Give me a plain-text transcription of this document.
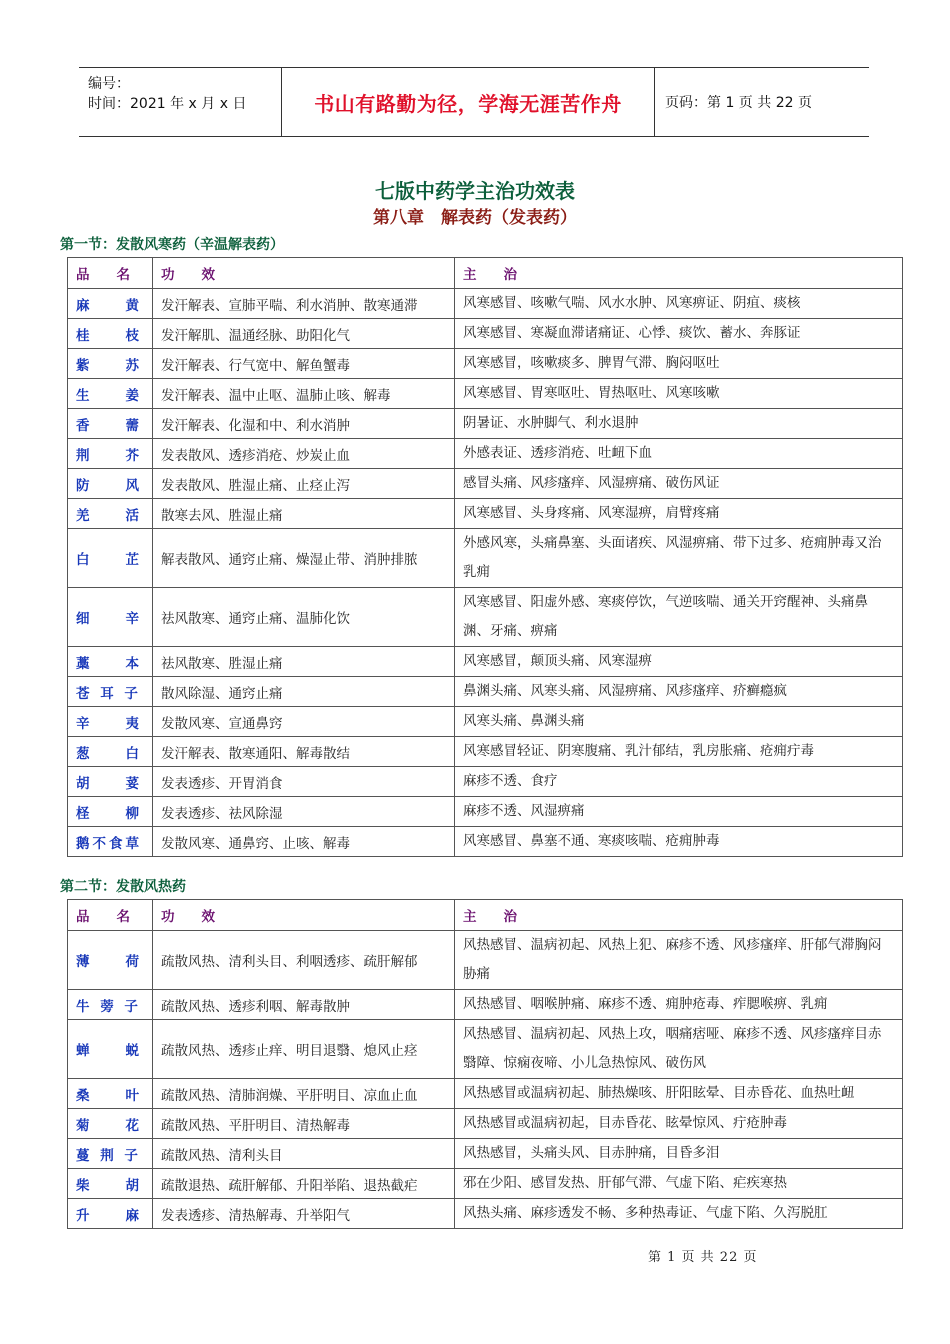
编号：
时间：2021 年 x 月 x 日	书山有路勤为径，学海无涯苦作舟	页码：第 1 页 共 22 页
七版中药学主治功效表
第八章　解表药（发表药）
第一节：发散风寒药（辛温解表药）
品　　名	功　　效	主　　治
麻　　黄	发汗解表、宣肺平喘、利水消肿、散寒通滞	风寒感冒、咳嗽气喘、风水水肿、风寒痹证、阴疽、痰核
桂　　枝	发汗解肌、温通经脉、助阳化气	风寒感冒、寒凝血滞诸痛证、心悸、痰饮、蓄水、奔豚证
紫　　苏	发汗解表、行气宽中、解鱼蟹毒	风寒感冒，咳嗽痰多、脾胃气滞、胸闷呕吐
生　　姜	发汗解表、温中止呕、温肺止咳、解毒	风寒感冒、胃寒呕吐、胃热呕吐、风寒咳嗽
香　　薷	发汗解表、化湿和中、利水消肿	阴暑证、水肿脚气、利水退肿
荆　　芥	发表散风、透疹消疮、炒炭止血	外感表证、透疹消疮、吐衄下血
防　　风	发表散风、胜湿止痛、止痉止泻	感冒头痛、风疹瘙痒、风湿痹痛、破伤风证
羌　　活	散寒去风、胜湿止痛	风寒感冒、头身疼痛、风寒湿痹，肩臂疼痛
白　　芷	解表散风、通窍止痛、燥湿止带、消肿排脓	外感风寒，头痛鼻塞、头面诸疾、风湿痹痛、带下过多、疮痈肿毒又治乳痈
细　　辛	祛风散寒、通窍止痛、温肺化饮	风寒感冒、阳虚外感、寒痰停饮，气逆咳喘、通关开窍醒神、头痛鼻渊、牙痛、痹痛
藁　　本	祛风散寒、胜湿止痛	风寒感冒，颠顶头痛、风寒湿痹
苍 耳 子	散风除湿、通窍止痛	鼻渊头痛、风寒头痛、风湿痹痛、风疹瘙痒、疥癣瘾疯
辛　　夷	发散风寒、宣通鼻窍	风寒头痛、鼻渊头痛
葱　　白	发汗解表、散寒通阳、解毒散结	风寒感冒轻证、阴寒腹痛、乳汁郁结，乳房胀痛、疮痈疔毒
胡　　荽	发表透疹、开胃消食	麻疹不透、食疗
柽　　柳	发表透疹、祛风除湿	麻疹不透、风湿痹痛
鹅不食草	发散风寒、通鼻窍、止咳、解毒	风寒感冒、鼻塞不通、寒痰咳喘、疮痈肿毒
第二节：发散风热药
品　　名	功　　效	主　　治
薄　　荷	疏散风热、清利头目、利咽透疹、疏肝解郁	风热感冒、温病初起、风热上犯、麻疹不透、风疹瘙痒、肝郁气滞胸闷胁痛
牛 蒡 子	疏散风热、透疹利咽、解毒散肿	风热感冒、咽喉肿痛、麻疹不透、痈肿疮毒、痄腮喉痹、乳痈
蝉　　蜕	疏散风热、透疹止痒、明目退翳、熄风止痉	风热感冒、温病初起、风热上攻，咽痛痞哑、麻疹不透、风疹瘙痒目赤翳障、惊痫夜啼、小儿急热惊风、破伤风
桑　　叶	疏散风热、清肺润燥、平肝明目、凉血止血	风热感冒或温病初起、肺热燥咳、肝阳眩晕、目赤昏花、血热吐衄
菊　　花	疏散风热、平肝明目、清热解毒	风热感冒或温病初起，目赤昏花、眩晕惊风、疔疮肿毒
蔓 荆 子	疏散风热、清利头目	风热感冒，头痛头风、目赤肿痛，目昏多泪
柴　　胡	疏散退热、疏肝解郁、升阳举陷、退热截疟	邪在少阳、感冒发热、肝郁气滞、气虚下陷、疟疾寒热
升　　麻	发表透疹、清热解毒、升举阳气	风热头痛、麻疹透发不畅、多种热毒证、气虚下陷、久泻脱肛
第 1 页 共 22 页
